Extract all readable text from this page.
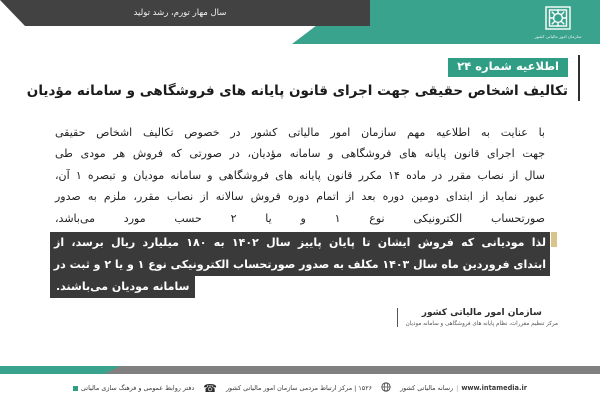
سال مهار تورم، رشد تولید
سازمان امور مالیاتی کشور
اطلاعیه شماره ۲۴
تکالیف اشخاص حقیقی جهت اجرای قانون پایانه های فروشگاهی و سامانه مؤدیان

با عنایت به اطلاعیه مهم سازمان امور مالیاتی کشور در خصوص تکالیف اشخاص حقیقی

جهت اجرای قانون پایانه های فروشگاهی و سامانه مؤدیان، در صورتی که فروش هر مودی طی

سال از نصاب مقرر در ماده ۱۴ مکرر قانون پایانه های فروشگاهی و سامانه مودیان و تبصره ۱ آن،

عبور نماید از ابتدای دومین دوره بعد از اتمام دوره فروش سالانه از نصاب مقرر، ملزم به صدور

صورتحساب الکترونیکی نوع ۱ و یا ۲ حسب مورد می‌باشد،

لذا مودیانی که فروش ایشان تا پایان پاییز سال ۱۴۰۲ به ۱۸۰ میلیارد ریال برسد، از
ابتدای فروردین ماه سال ۱۴۰۳ مکلف به صدور صورتحساب الکترونیکی نوع ۱ و یا ۲ و ثبت در
سامانه مودیان می‌باشند.
سازمان امور مالیاتی کشور
مرکز تنظیم مقررات، نظام پایانه های فروشگاهی و سامانه مودیان
www.intamedia.ir
|
رسانه مالیاتی کشور
۱۵۲۶ | مرکز ارتباط مردمی سازمان امور مالیاتی کشور
☎
دفتر روابط عمومی و فرهنگ سازی مالیاتی
